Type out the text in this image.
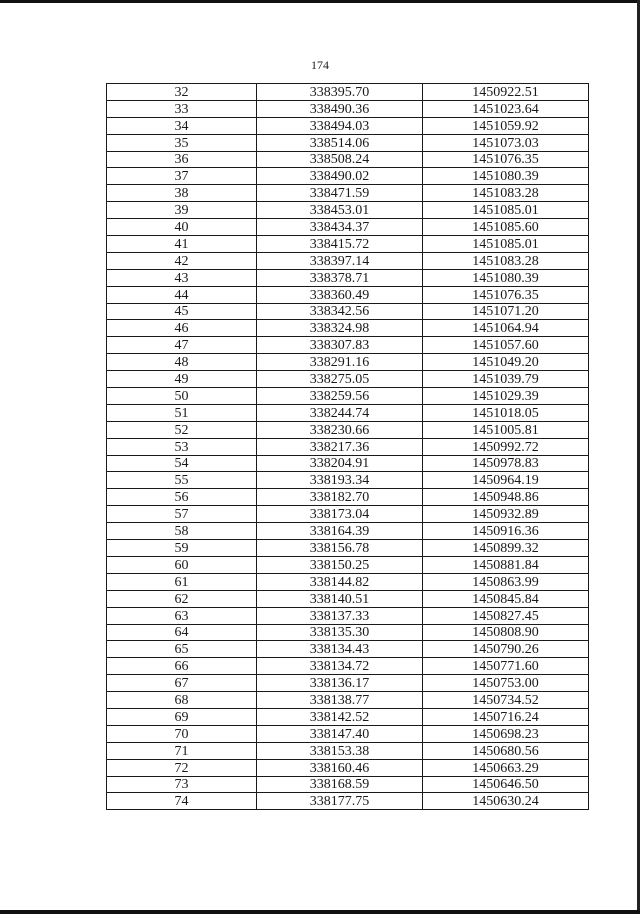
174
32	338395.70	1450922.51
33	338490.36	1451023.64
34	338494.03	1451059.92
35	338514.06	1451073.03
36	338508.24	1451076.35
37	338490.02	1451080.39
38	338471.59	1451083.28
39	338453.01	1451085.01
40	338434.37	1451085.60
41	338415.72	1451085.01
42	338397.14	1451083.28
43	338378.71	1451080.39
44	338360.49	1451076.35
45	338342.56	1451071.20
46	338324.98	1451064.94
47	338307.83	1451057.60
48	338291.16	1451049.20
49	338275.05	1451039.79
50	338259.56	1451029.39
51	338244.74	1451018.05
52	338230.66	1451005.81
53	338217.36	1450992.72
54	338204.91	1450978.83
55	338193.34	1450964.19
56	338182.70	1450948.86
57	338173.04	1450932.89
58	338164.39	1450916.36
59	338156.78	1450899.32
60	338150.25	1450881.84
61	338144.82	1450863.99
62	338140.51	1450845.84
63	338137.33	1450827.45
64	338135.30	1450808.90
65	338134.43	1450790.26
66	338134.72	1450771.60
67	338136.17	1450753.00
68	338138.77	1450734.52
69	338142.52	1450716.24
70	338147.40	1450698.23
71	338153.38	1450680.56
72	338160.46	1450663.29
73	338168.59	1450646.50
74	338177.75	1450630.24
